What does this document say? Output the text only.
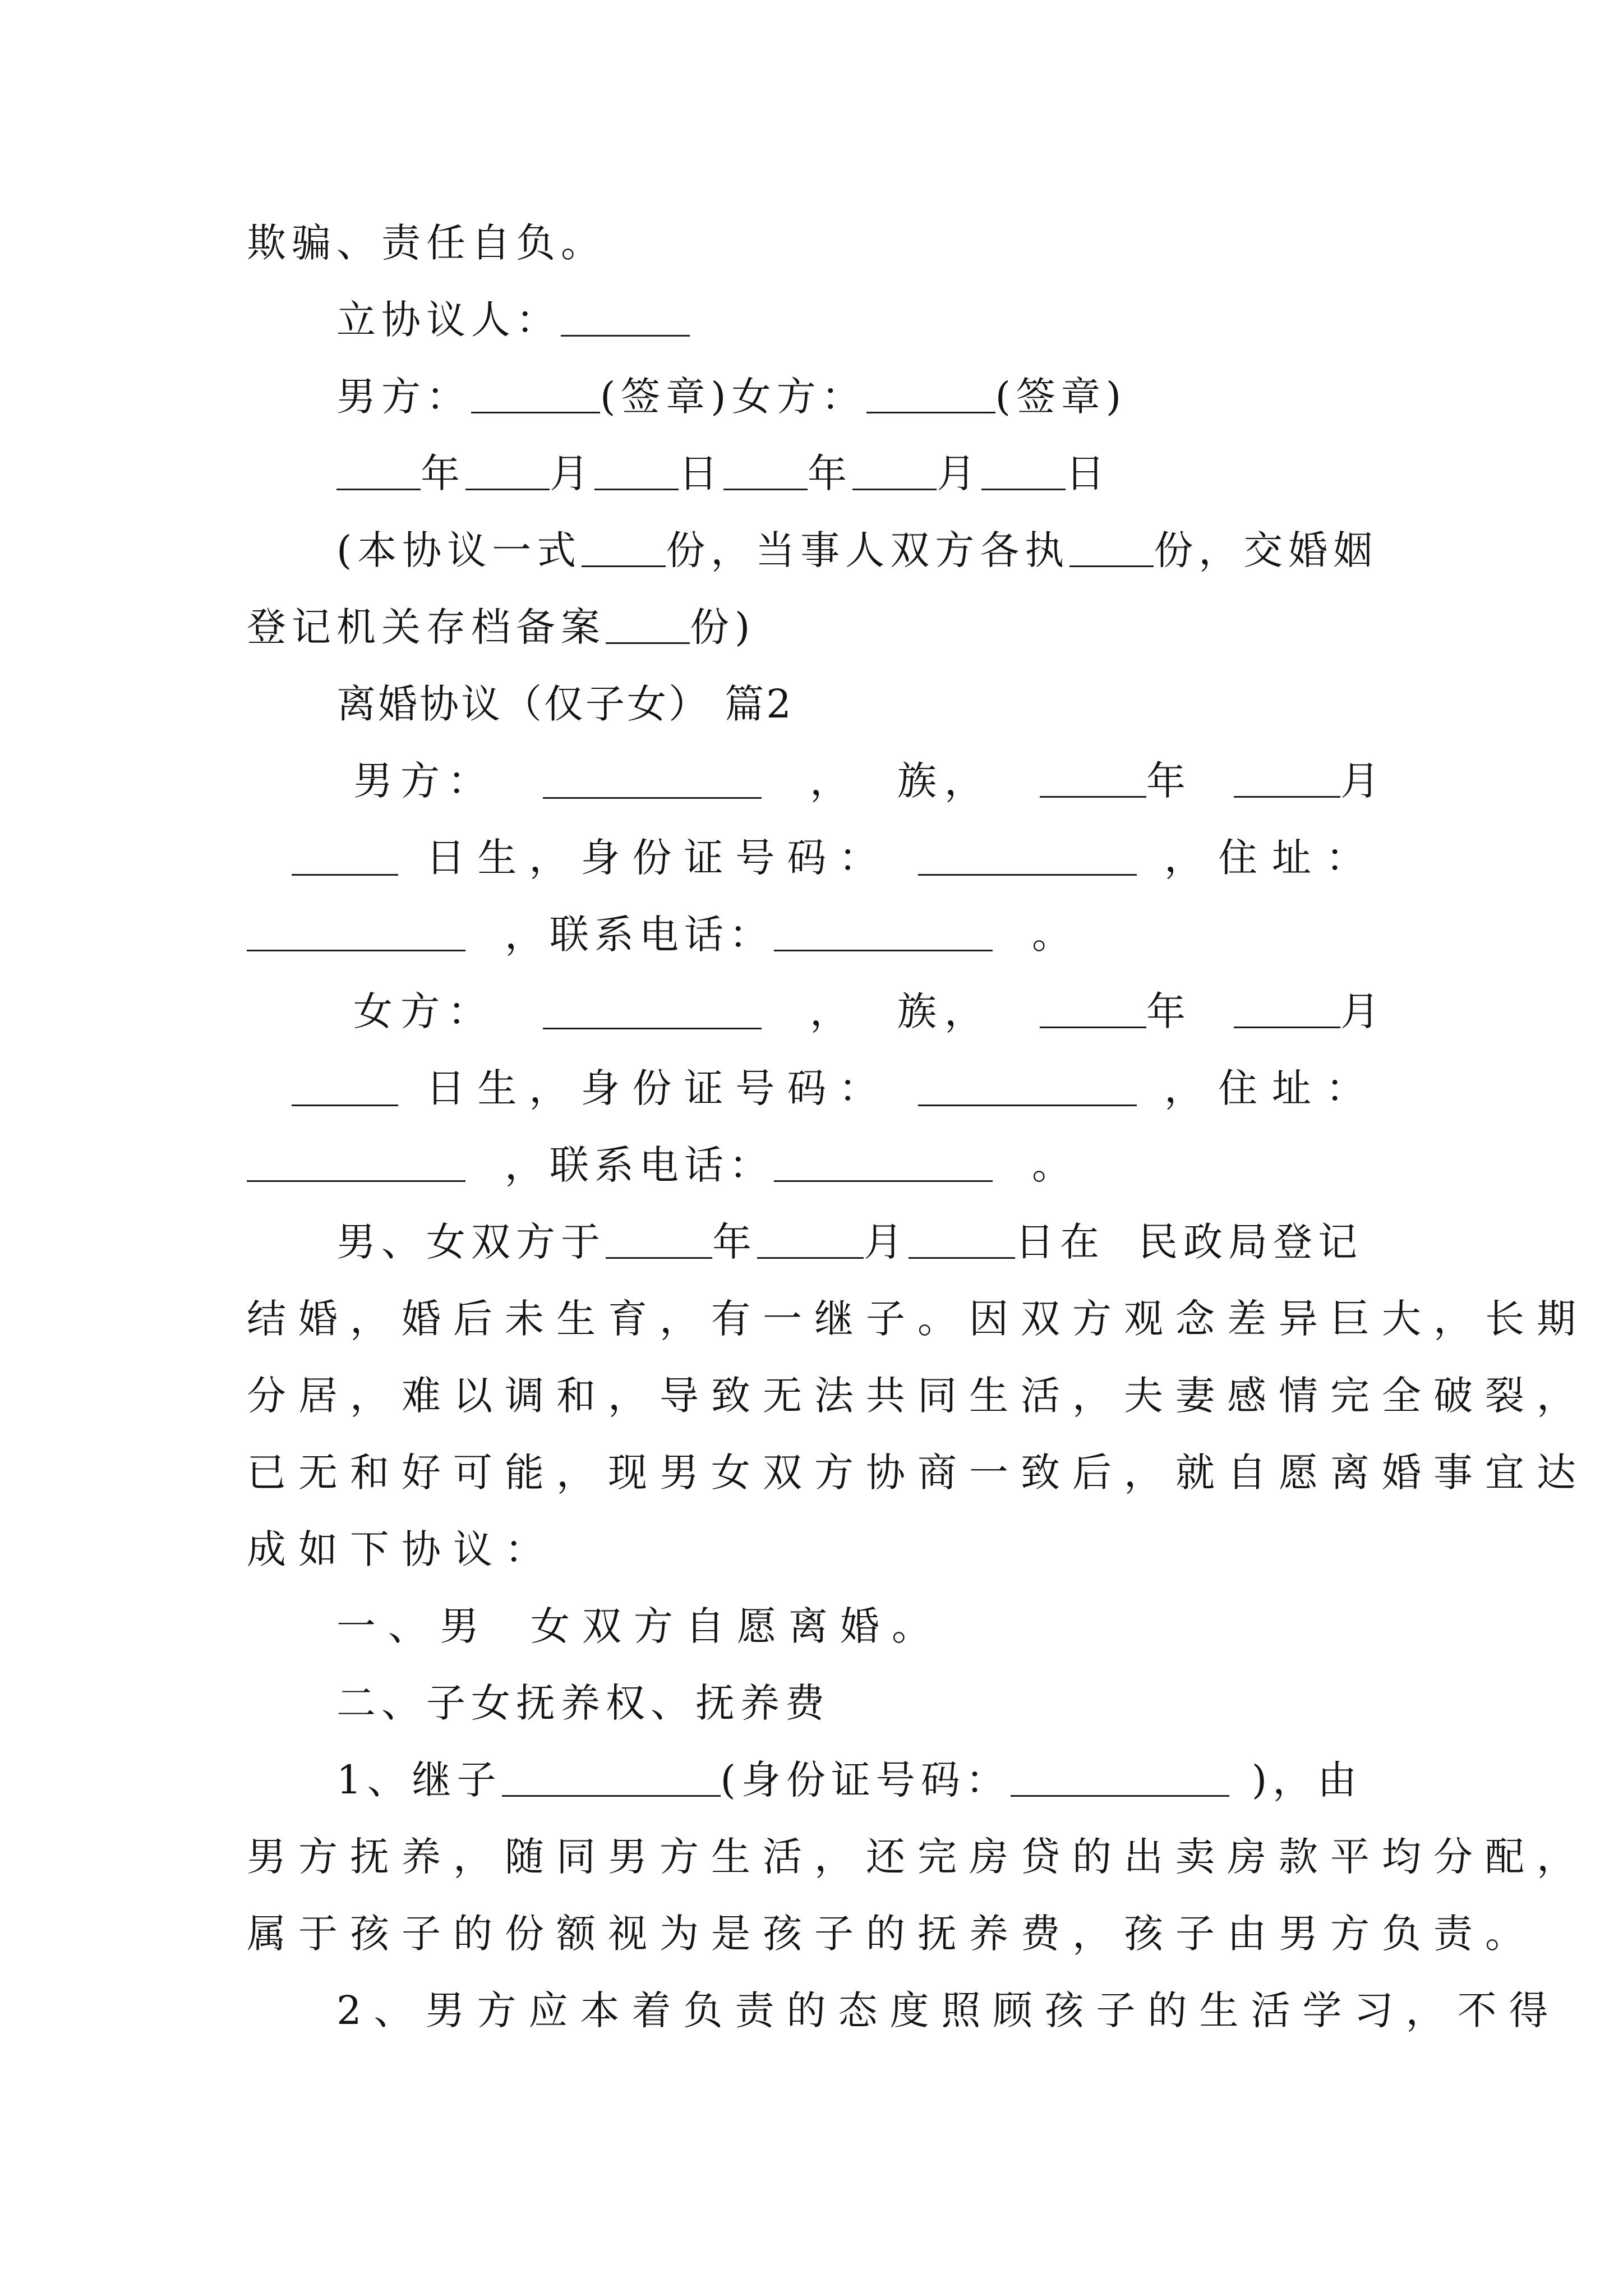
欺骗、责任自负。
立协议人：
男方：	(签章)女方：	(签章)
年 月 日 年 月 日
(本协议一式 份，当事人双方各执 份，交婚姻
登记机关存档备案 份)
离婚协议（仅子女） 篇2
男方：	， 族，	年	月
日生，身份证号码：	，住址：
，联系电话：	。
女方：	， 族，	年	月
日生，身份证号码：	，住址：
，联系电话：	。
男、女双方于	年	月	日在 民政局登记
结婚，婚后未生育，有一继子。因双方观念差异巨大，长期
分居，难以调和，导致无法共同生活，夫妻感情完全破裂，
已无和好可能，现男女双方协商一致后，就自愿离婚事宜达
成如下协议：
一、男 女双方自愿离婚。
二、子女抚养权、抚养费
1、继子	(身份证号码：	)，由
男方抚养，随同男方生活，还完房贷的出卖房款平均分配，
属于孩子的份额视为是孩子的抚养费，孩子由男方负责。
2、男方应本着负责的态度照顾孩子的生活学习，不得
